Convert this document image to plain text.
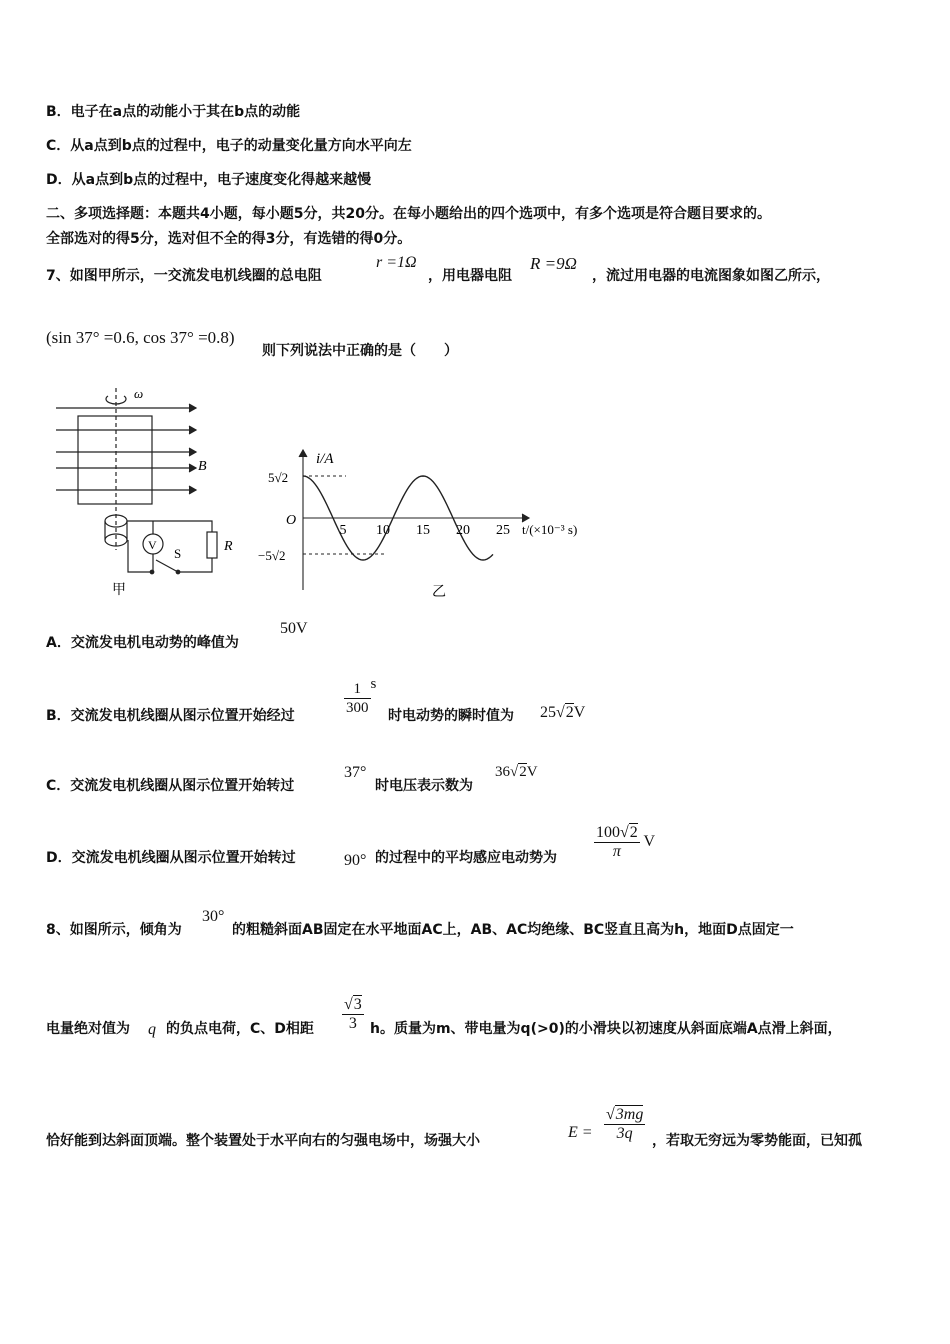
B．电子在a点的动能小于其在b点的动能
C．从a点到b点的过程中，电子的动量变化量方向水平向左
D．从a点到b点的过程中，电子速度变化得越来越慢
二、多项选择题：本题共4小题，每小题5分，共20分。在每小题给出的四个选项中，有多个选项是符合题目要求的。
全部选对的得5分，选对但不全的得3分，有选错的得0分。
7、如图甲所示，一交流发电机线圈的总电阻
r =1Ω
，用电器电阻
R =9Ω
，流过用电器的电流图象如图乙所示，
(sin 37° =0.6, cos 37° =0.8)
则下列说法中正确的是（　　）
ω
B
V
S	R
甲
i/A
5√2
−5√2
O
5 10 15 20 25 t/(×10⁻³ s)
乙
A．交流发电机电动势的峰值为
50V
B．交流发电机线圈从图示位置开始经过	$\frac{1}{300}$ s
时电动势的瞬时值为 25√2V
C．交流发电机线圈从图示位置开始转过
37°
时电压表示数为
36√2V
D．交流发电机线圈从图示位置开始转过	90° 的过程中的平均感应电动势为 $\frac{100√2}{\pi}$ V
8、如图所示，倾角为
30°
的粗糙斜面AB固定在水平地面AC上，AB、AC均绝缘、BC竖直且高为h，地面D点固定一
电量绝对值为 q 的负点电荷，C、D相距 $\frac{√3}{3}$ h。质量为m、带电量为q(>0)的小滑块以初速度从斜面底端A点滑上斜面，
恰好能到达斜面顶端。整个装置处于水平向右的匀强电场中，场强大小	$E = \frac{√3mg}{3q}$ ，若取无穷远为零势能面，已知孤
